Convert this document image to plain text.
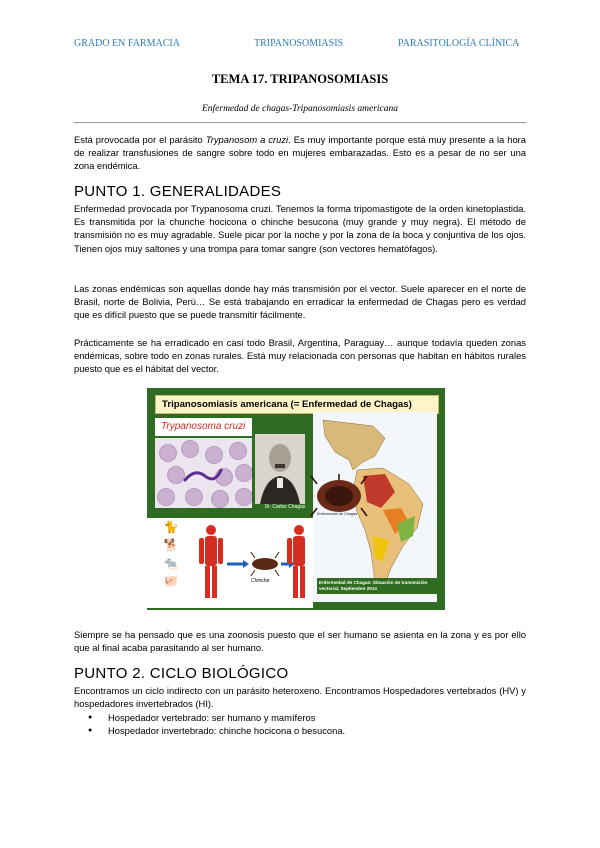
GRADO EN FARMACIA	TRIPANOSOMIASIS	PARASITOLOGÍA CLÍNICA
TEMA 17. TRIPANOSOMIASIS
Enfermedad de chagas-Tripanosomiasis americana

Está provocada por el parásito Trypanosom a cruzi. Es muy importante porque está muy presente a la hora de realizar transfusiones de sangre sobre todo en mujeres embarazadas. Esto es a pesar de no ser una zona endémica.

PUNTO 1. GENERALIDADES

Enfermedad provocada por Trypanosoma cruzi. Tenemos la forma tripomastigote de la orden kinetoplastida. Es transmitida por la chunche hocicona o chinche besucona (muy grande y muy negra). El método de transmisión no es muy agradable. Suele picar por la noche y por la zona de la boca y conjuntiva de los ojos. Tienen ojos muy saltones y una trompa para tomar sangre (son vectores hematófagos).

Las zonas endémicas son aquellas donde hay más transmisión por el vector. Suele aparecer en el norte de Brasil, norte de Bolivia, Perú… Se está trabajando en erradicar la enfermedad de Chagas pero es verdad que es difícil puesto que se puede transmitir fácilmente.

Prácticamente se ha erradicado en casi todo Brasil, Argentina, Paraguay… aunque todavía queden zonas endémicas, sobre todo en zonas rurales. Está muy relacionada con personas que habitan en hábitos rurales puesto que es el hábitat del vector.

Tripanosomiasis americana (= Enfermedad de Chagas)
Trypanosoma cruzi
Dr. Carlos Chagas
Enfermedad de Chagas
Enfermedad de Chagas: Situación de transmisión vectorial, Septiembre 2014
🐈
🐕
🐀
🐖	Chinche

Siempre se ha pensado que es una zoonosis puesto que el ser humano se asienta en la zona y es por ello que al final acaba parasitando al ser humano.

PUNTO 2. CICLO BIOLÓGICO

Encontramos un ciclo indirecto con un parásito heteroxeno. Encontramos Hospedadores vertebrados (HV) y hospedadores invertebrados (HI).

● Hospedador vertebrado: ser humano y mamíferos
● Hospedador invertebrado: chinche hocicona o besucona.
